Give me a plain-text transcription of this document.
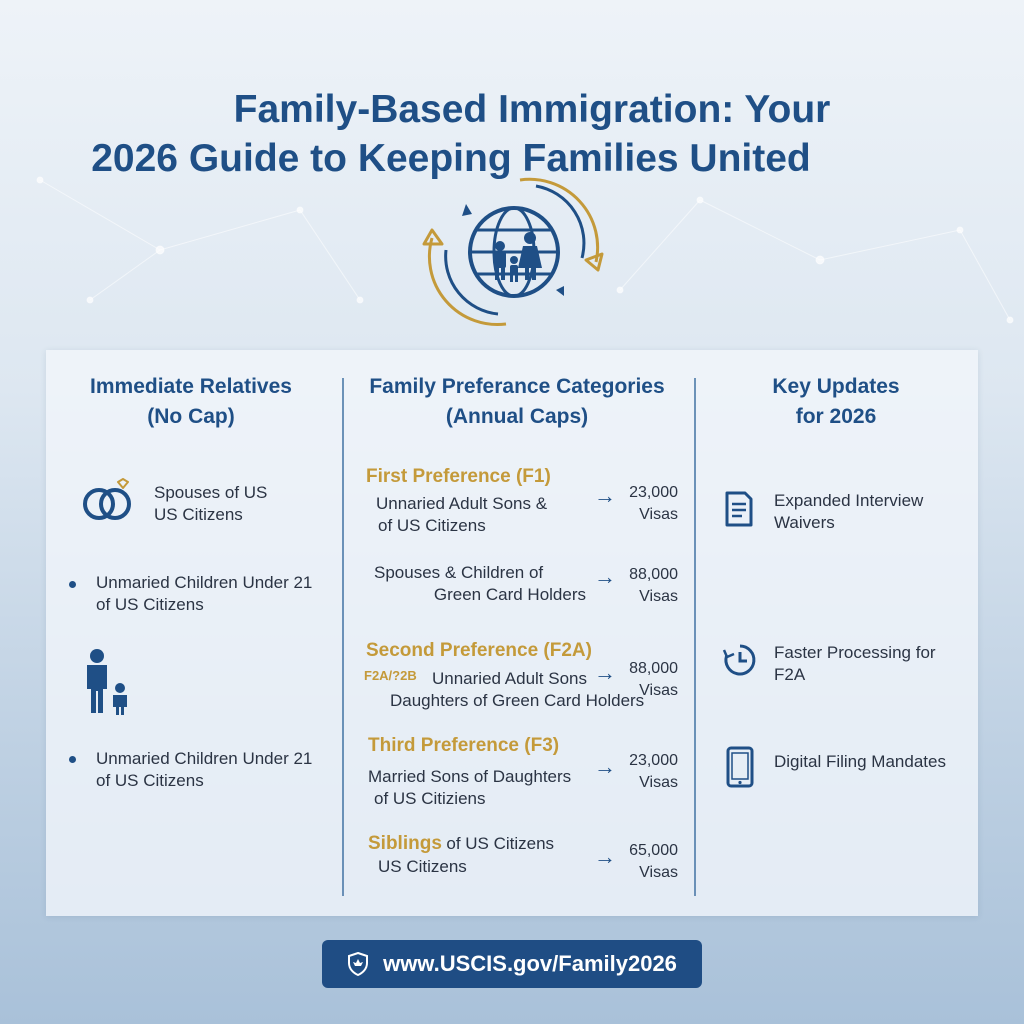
Family-Based Immigration: Your
2026 Guide to Keeping Families United
Immediate Relatives
(No Cap)
Spouses of US
US Citizens
Unmaried Children Under 21
of US Citizens
Unmaried Children Under 21
of US Citizens
Family Preferance Categories
(Annual Caps)
First Preference (F1)
Unnaried Adult Sons &
of US Citizens
→ 23,000
Visas
Spouses & Children of
Green Card Holders
→ 88,000
Visas
Second Preference (F2A)
F2A/?2B Unnaried Adult Sons
Daughters of Green Card Holders
→ 88,000
Visas
Third Preference (F3)
Married Sons of Daughters
of US Citiziens
→ 23,000
Visas
Siblings of US Citizens
US Citizens	→ 65,000
Visas
Key Updates
for 2026
Expanded Interview
Waivers
Faster Processing for
F2A
Digital Filing Mandates
www.USCIS.gov/Family2026
